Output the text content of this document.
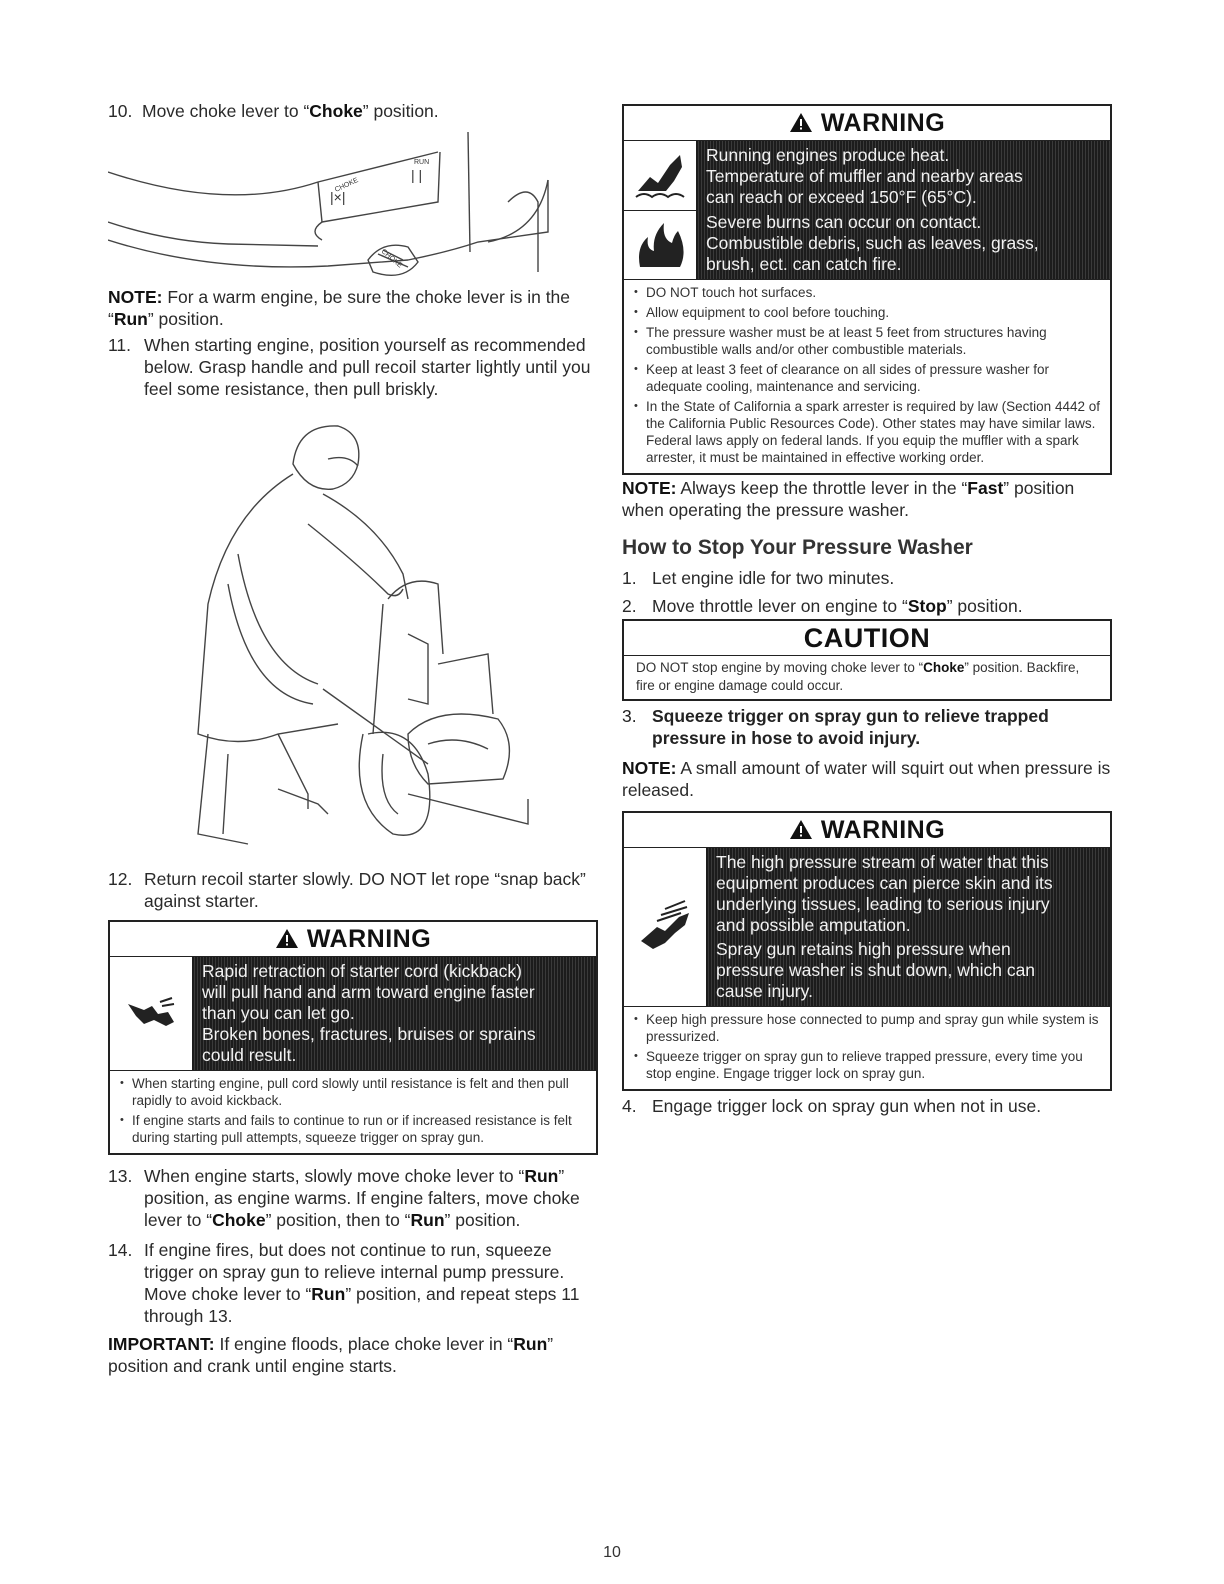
10. Move choke lever to “Choke” position.
CHOKE
RUN
CHOKE
|×|
| |

NOTE: For a warm engine, be sure the choke lever is in the “Run” position.

11. When starting engine, position yourself as recommended below. Grasp handle and pull recoil starter lightly until you feel some resistance, then pull briskly.
12. Return recoil starter slowly. DO NOT let rope “snap back” against starter.
WARNING
Rapid retraction of starter cord (kickback)
will pull hand and arm toward engine faster
than you can let go.
Broken bones, fractures, bruises or sprains
could result.
• When starting engine, pull cord slowly until resistance is felt and then pull rapidly to avoid kickback.
• If engine starts and fails to continue to run or if increased resistance is felt during starting pull attempts, squeeze trigger on spray gun.
13. When engine starts, slowly move choke lever to “Run” position, as engine warms. If engine falters, move choke lever to “Choke” position, then to “Run” position.
14. If engine fires, but does not continue to run, squeeze trigger on spray gun to relieve internal pump pressure. Move choke lever to “Run” position, and repeat steps 11 through 13.

IMPORTANT: If engine floods, place choke lever in “Run” position and crank until engine starts.

WARNING
Running engines produce heat.
Temperature of muffler and nearby areas
can reach or exceed 150°F (65°C).
Severe burns can occur on contact.
Combustible debris, such as leaves, grass,
brush, ect. can catch fire.
• DO NOT touch hot surfaces.
• Allow equipment to cool before touching.
• The pressure washer must be at least 5 feet from structures having combustible walls and/or other combustible materials.
• Keep at least 3 feet of clearance on all sides of pressure washer for adequate cooling, maintenance and servicing.
• In the State of California a spark arrester is required by law (Section 4442 of the California Public Resources Code). Other states may have similar laws. Federal laws apply on federal lands. If you equip the muffler with a spark arrester, it must be maintained in effective working order.

NOTE: Always keep the throttle lever in the “Fast” position when operating the pressure washer.

How to Stop Your Pressure Washer
1. Let engine idle for two minutes.
2. Move throttle lever on engine to “Stop” position.
CAUTION
DO NOT stop engine by moving choke lever to “Choke” position. Backfire, fire or engine damage could occur.
3. Squeeze trigger on spray gun to relieve trapped pressure in hose to avoid injury.

NOTE: A small amount of water will squirt out when pressure is released.

WARNING
The high pressure stream of water that this
equipment produces can pierce skin and its
underlying tissues, leading to serious injury
and possible amputation.
Spray gun retains high pressure when
pressure washer is shut down, which can
cause injury.
• Keep high pressure hose connected to pump and spray gun while system is pressurized.
• Squeeze trigger on spray gun to relieve trapped pressure, every time you stop engine. Engage trigger lock on spray gun.
4. Engage trigger lock on spray gun when not in use.
10
